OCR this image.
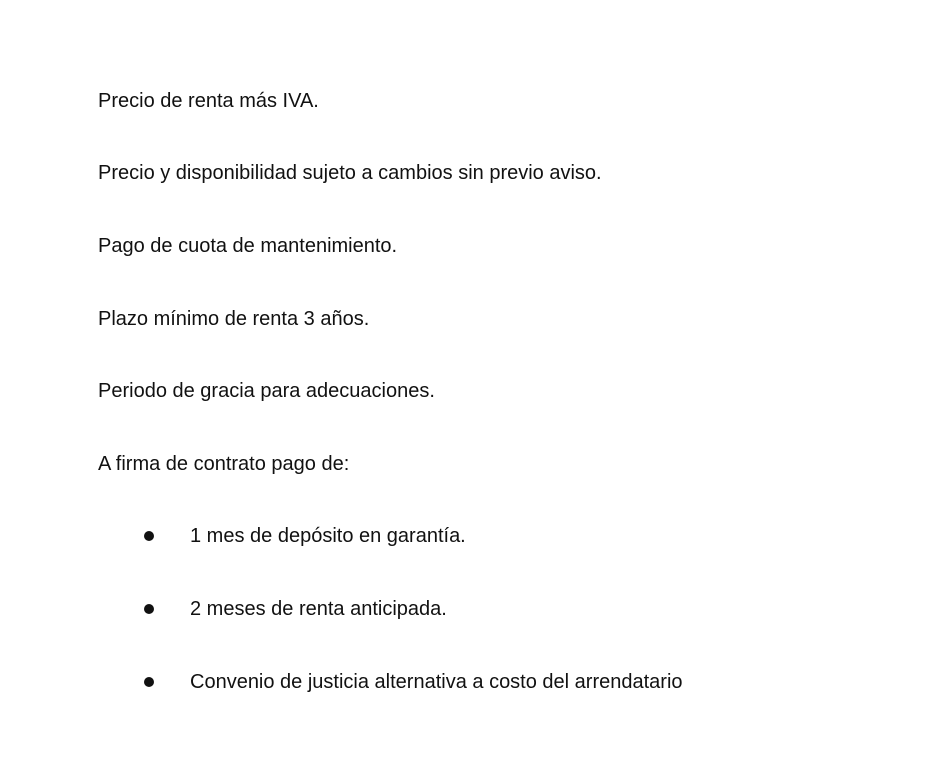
Precio de renta más IVA.

Precio y disponibilidad sujeto a cambios sin previo aviso.

Pago de cuota de mantenimiento.

Plazo mínimo de renta 3 años.

Periodo de gracia para adecuaciones.

A firma de contrato pago de:

1 mes de depósito en garantía.
2 meses de renta anticipada.
Convenio de justicia alternativa a costo del arrendatario
